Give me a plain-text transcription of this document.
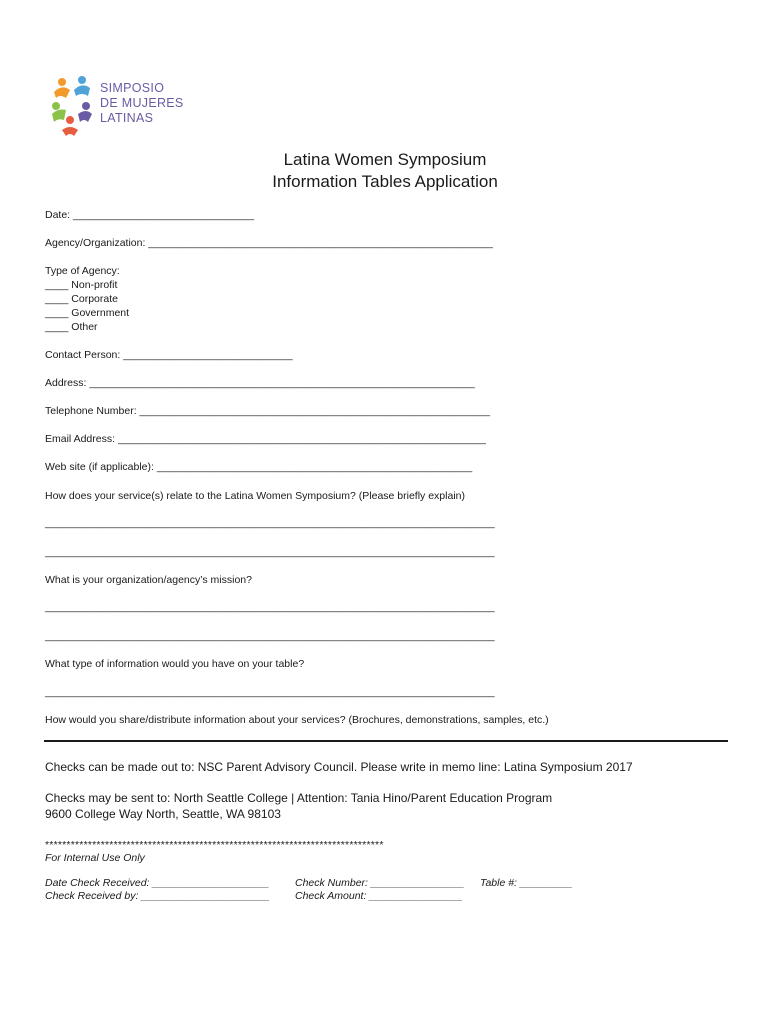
SIMPOSIO
DE MUJERES
LATINAS
Latina Women Symposium
Information Tables Application
Date: _______________________________
Agency/Organization: ___________________________________________________________
Type of Agency:
____ Non-profit
____ Corporate
____ Government
____ Other
Contact Person: _____________________________
Address: __________________________________________________________________
Telephone Number: ____________________________________________________________
Email Address: _______________________________________________________________
Web site (if applicable): ______________________________________________________
How does your service(s) relate to the Latina Women Symposium? (Please briefly explain)
_____________________________________________________________________________
_____________________________________________________________________________
What is your organization/agency’s mission?
_____________________________________________________________________________
_____________________________________________________________________________
What type of information would you have on your table?
_____________________________________________________________________________
How would you share/distribute information about your services? (Brochures, demonstrations, samples, etc.)
Checks can be made out to: NSC Parent Advisory Council. Please write in memo line: Latina Symposium 2017
Checks may be sent to: North Seattle College | Attention: Tania Hino/Parent Education Program
9600 College Way North, Seattle, WA 98103
*******************************************************************************
For Internal Use Only
Date Check Received: ____________________
Check Received by: ______________________
Check Number: ________________
Check Amount: ________________
Table #: _________
